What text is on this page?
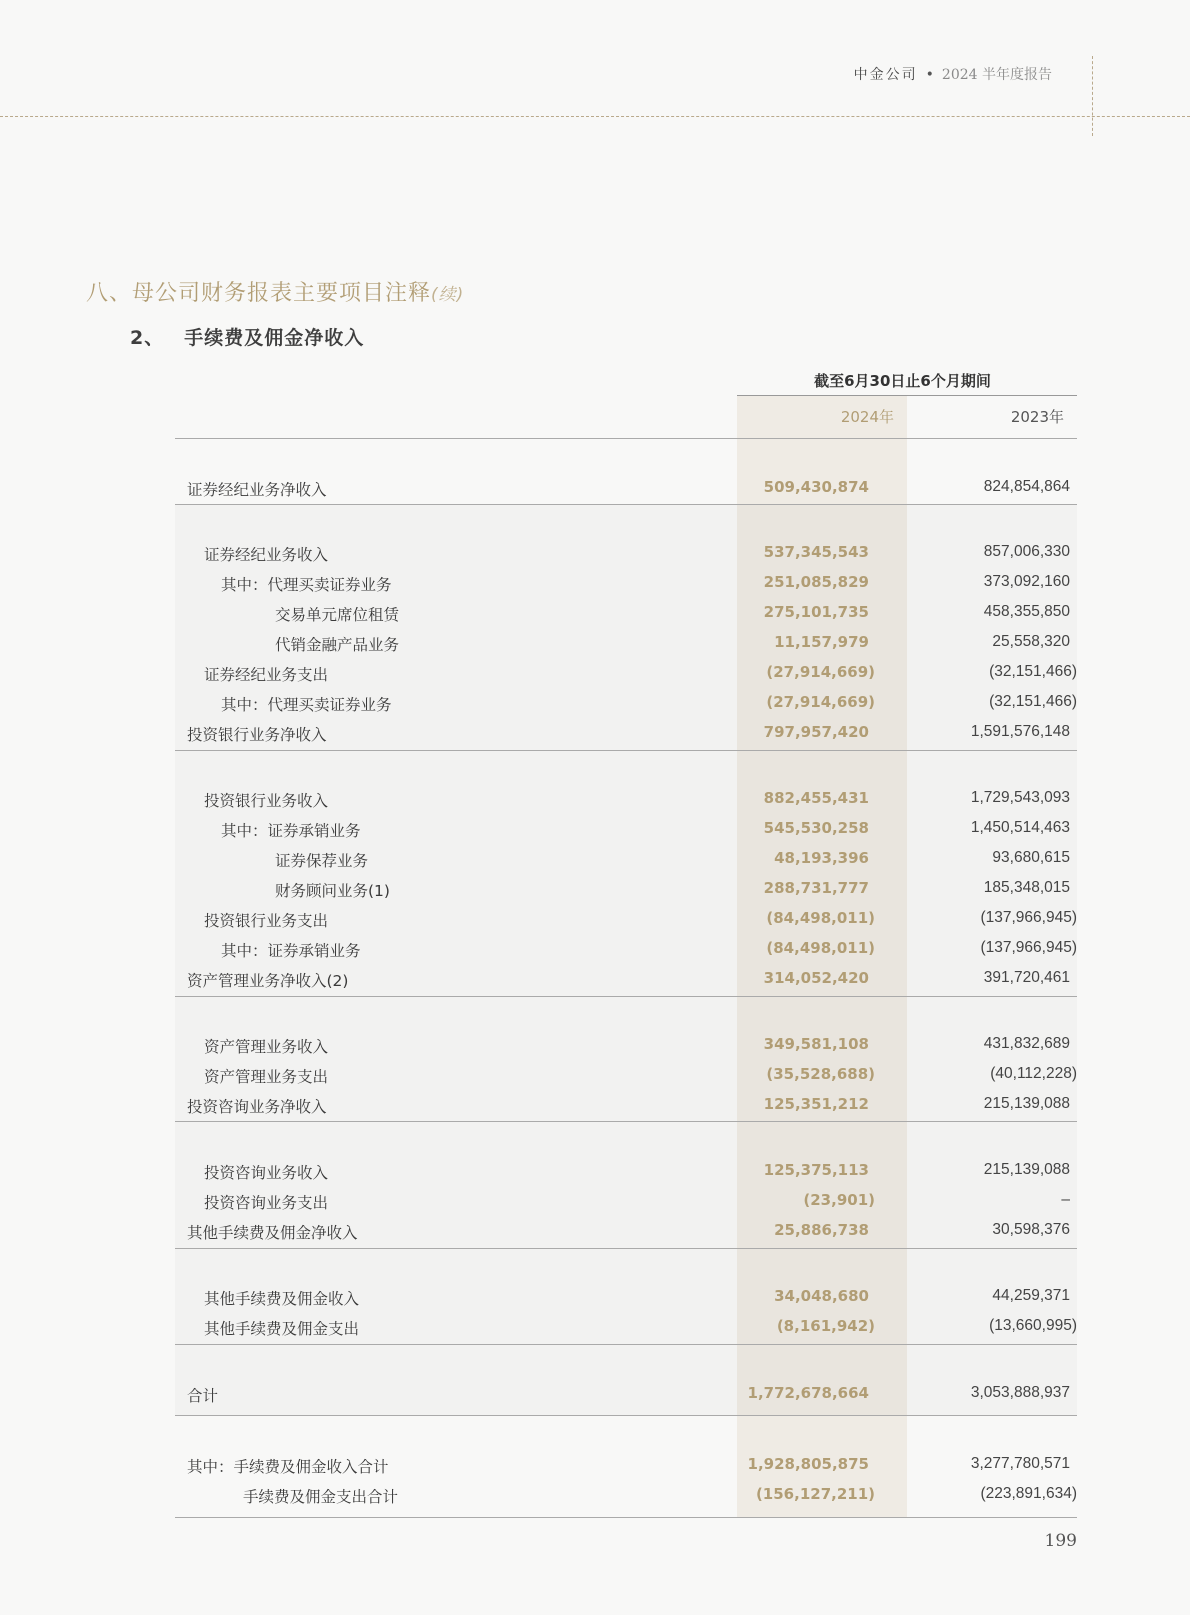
中金公司 • 2024 半年度报告
八、母公司财务报表主要项目注释(续)
2、 手续费及佣金净收入
截至6月30日止6个月期间
2024年	2023年
证券经纪业务净收入	509,430,874	824,854,864
证券经纪业务收入	537,345,543	857,006,330
其中：代理买卖证券业务	251,085,829	373,092,160
交易单元席位租赁	275,101,735	458,355,850
代销金融产品业务	11,157,979	25,558,320
证券经纪业务支出	(27,914,669)	(32,151,466)
其中：代理买卖证券业务	(27,914,669)	(32,151,466)
投资银行业务净收入	797,957,420	1,591,576,148
投资银行业务收入	882,455,431	1,729,543,093
其中：证券承销业务	545,530,258	1,450,514,463
证券保荐业务	48,193,396	93,680,615
财务顾问业务(1)	288,731,777	185,348,015
投资银行业务支出	(84,498,011)	(137,966,945)
其中：证券承销业务	(84,498,011)	(137,966,945)
资产管理业务净收入(2)	314,052,420	391,720,461
资产管理业务收入	349,581,108	431,832,689
资产管理业务支出	(35,528,688)	(40,112,228)
投资咨询业务净收入	125,351,212	215,139,088
投资咨询业务收入	125,375,113	215,139,088
投资咨询业务支出	(23,901)	–
其他手续费及佣金净收入	25,886,738	30,598,376
其他手续费及佣金收入	34,048,680	44,259,371
其他手续费及佣金支出	(8,161,942)	(13,660,995)
合计	1,772,678,664	3,053,888,937
其中：手续费及佣金收入合计	1,928,805,875	3,277,780,571
手续费及佣金支出合计	(156,127,211)	(223,891,634)
199
